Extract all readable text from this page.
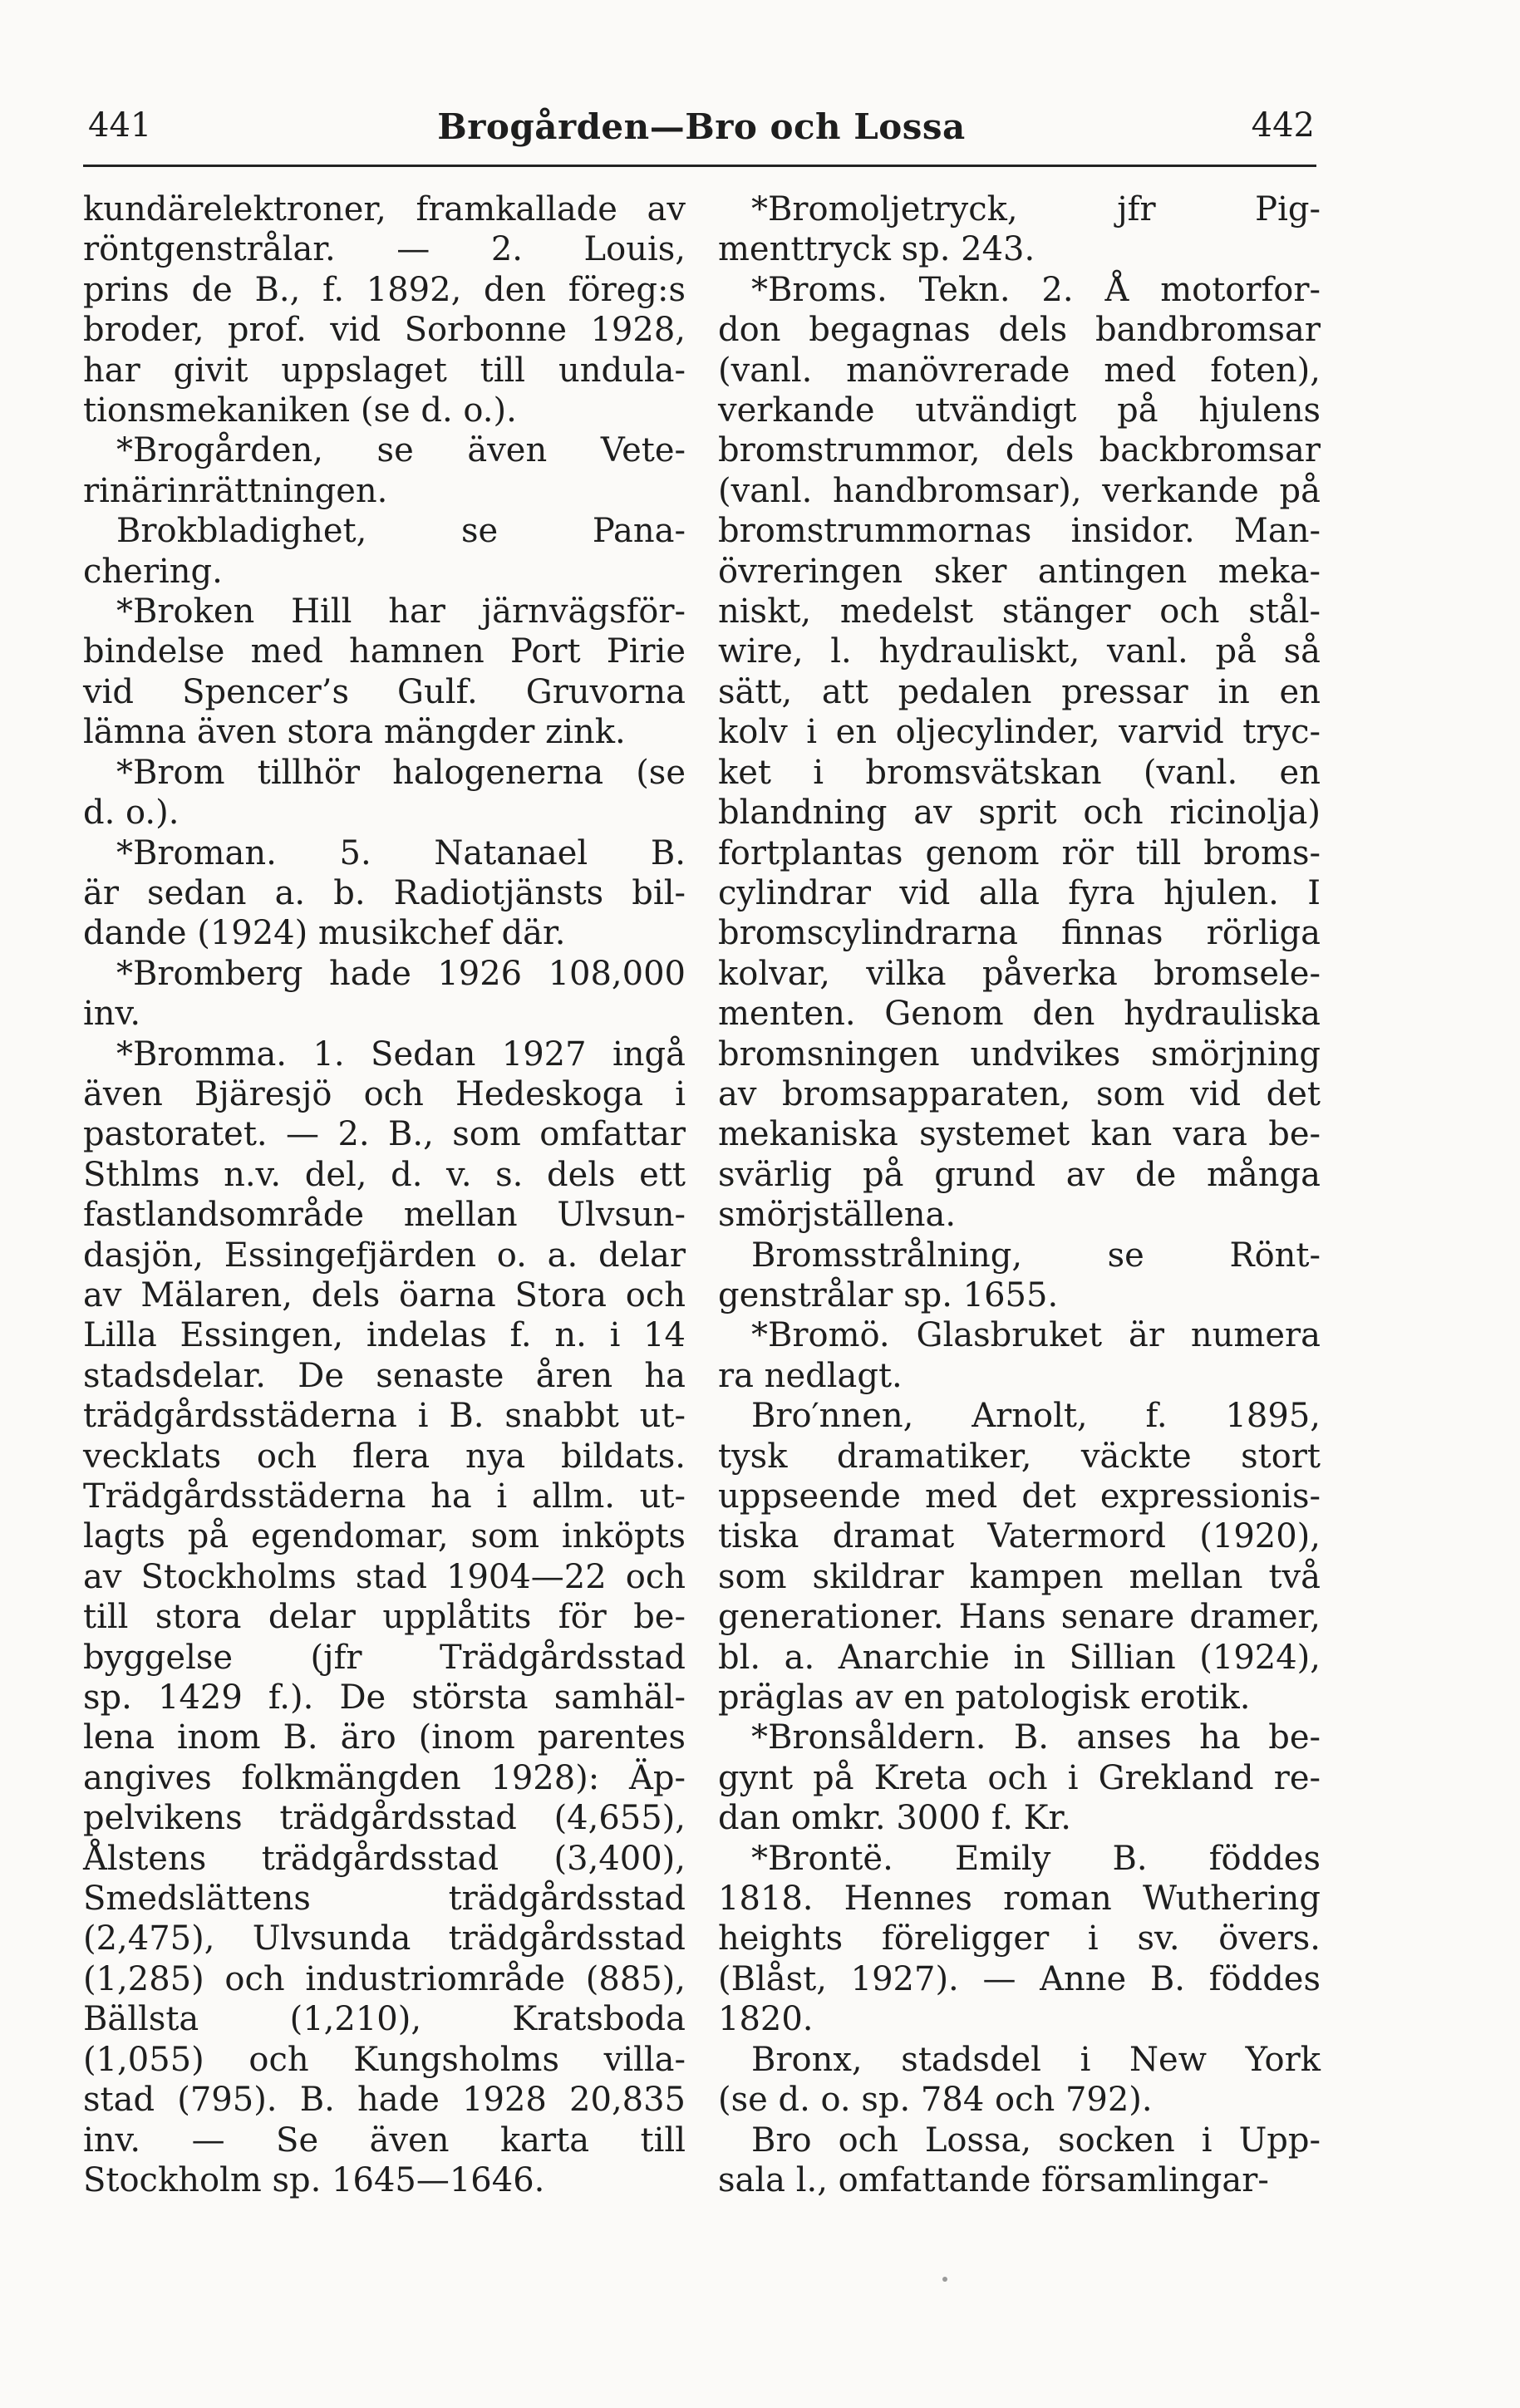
441	Brogården—Bro och Lossa	442
kundärelektroner, framkallade av
röntgenstrålar. — 2. Louis,
prins de B., f. 1892, den föreg:s
broder, prof. vid Sorbonne 1928,
har givit uppslaget till undula-
tionsmekaniken (se d. o.).
*Brogården, se även Vete-
rinärinrättningen.
Brokbladighet, se Pana-
chering.
*Broken Hill har järnvägsför-
bindelse med hamnen Port Pirie
vid Spencer’s Gulf. Gruvorna
lämna även stora mängder zink.
*Brom tillhör halogenerna (se
d. o.).
*Broman. 5. Natanael B.
är sedan a. b. Radiotjänsts bil-
dande (1924) musikchef där.
*Bromberg hade 1926 108,000
inv.
*Bromma. 1. Sedan 1927 ingå
även Bjäresjö och Hedeskoga i
pastoratet. — 2. B., som omfattar
Sthlms n.v. del, d. v. s. dels ett
fastlandsområde mellan Ulvsun-
dasjön, Essingefjärden o. a. delar
av Mälaren, dels öarna Stora och
Lilla Essingen, indelas f. n. i 14
stadsdelar. De senaste åren ha
trädgårdsstäderna i B. snabbt ut-
vecklats och flera nya bildats.
Trädgårdsstäderna ha i allm. ut-
lagts på egendomar, som inköpts
av Stockholms stad 1904—22 och
till stora delar upplåtits för be-
byggelse (jfr Trädgårdsstad
sp. 1429 f.). De största samhäl-
lena inom B. äro (inom parentes
angives folkmängden 1928): Äp-
pelvikens trädgårdsstad (4,655),
Ålstens trädgårdsstad (3,400),
Smedslättens trädgårdsstad
(2,475), Ulvsunda trädgårdsstad
(1,285) och industriområde (885),
Bällsta (1,210), Kratsboda
(1,055) och Kungsholms villa-
stad (795). B. hade 1928 20,835
inv. — Se även karta till
Stockholm sp. 1645—1646.
*Bromoljetryck, jfr Pig-
menttryck sp. 243.
*Broms. Tekn. 2. Å motorfor-
don begagnas dels bandbromsar
(vanl. manövrerade med foten),
verkande utvändigt på hjulens
bromstrummor, dels backbromsar
(vanl. handbromsar), verkande på
bromstrummornas insidor. Man-
övreringen sker antingen meka-
niskt, medelst stänger och stål-
wire, l. hydrauliskt, vanl. på så
sätt, att pedalen pressar in en
kolv i en oljecylinder, varvid tryc-
ket i bromsvätskan (vanl. en
blandning av sprit och ricinolja)
fortplantas genom rör till broms-
cylindrar vid alla fyra hjulen. I
bromscylindrarna finnas rörliga
kolvar, vilka påverka bromsele-
menten. Genom den hydrauliska
bromsningen undvikes smörjning
av bromsapparaten, som vid det
mekaniska systemet kan vara be-
svärlig på grund av de många
smörjställena.
Bromsstrålning, se Rönt-
genstrålar sp. 1655.
*Bromö. Glasbruket är numera
ra nedlagt.
Bro′nnen, Arnolt, f. 1895,
tysk dramatiker, väckte stort
uppseende med det expressionis-
tiska dramat Vatermord (1920),
som skildrar kampen mellan två
generationer. Hans senare dramer,
bl. a. Anarchie in Sillian (1924),
präglas av en patologisk erotik.
*Bronsåldern. B. anses ha be-
gynt på Kreta och i Grekland re-
dan omkr. 3000 f. Kr.
*Brontë. Emily B. föddes
1818. Hennes roman Wuthering
heights föreligger i sv. övers.
(Blåst, 1927). — Anne B. föddes
1820.
Bronx, stadsdel i New York
(se d. o. sp. 784 och 792).
Bro och Lossa, socken i Upp-
sala l., omfattande församlingar-
